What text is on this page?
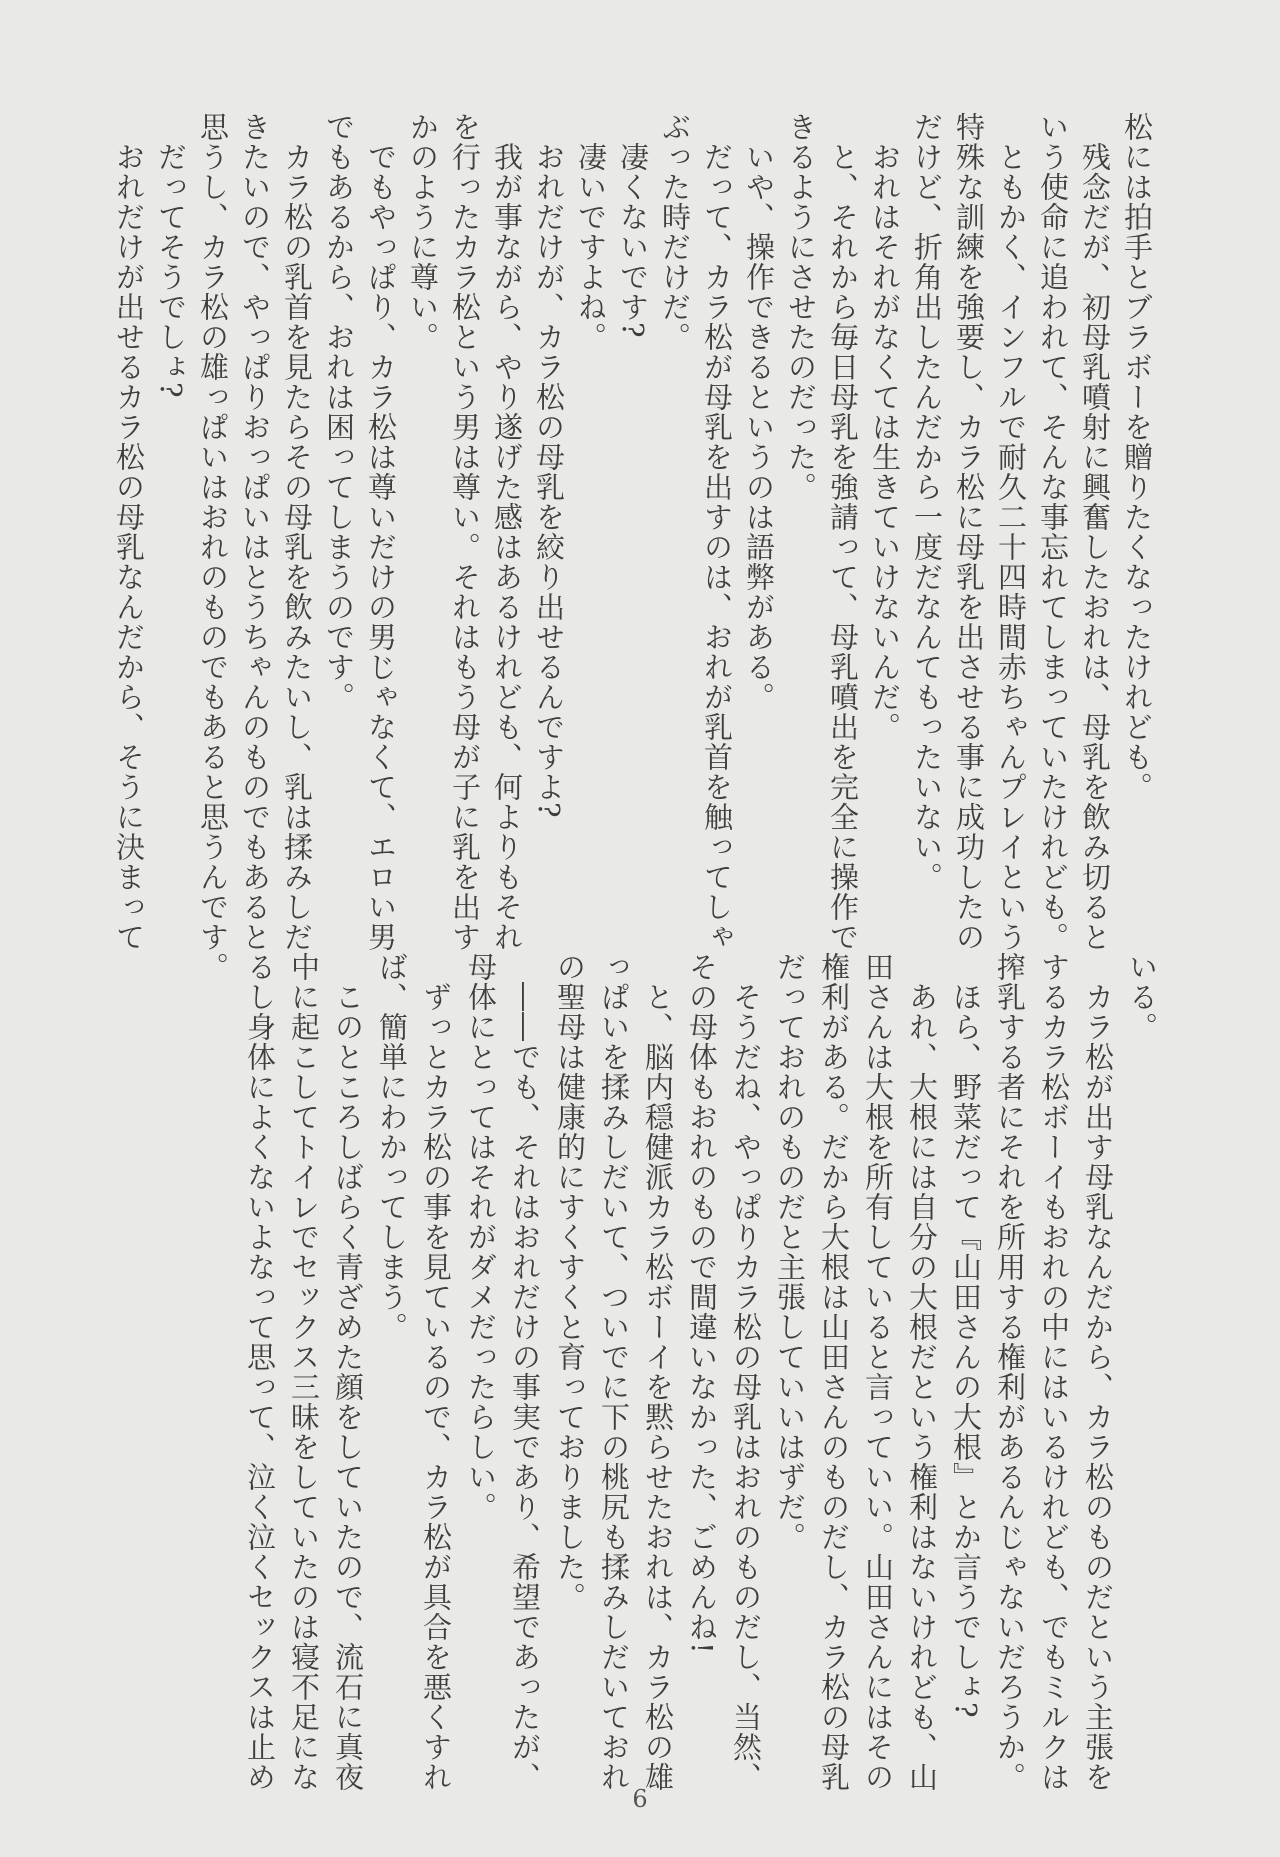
松には拍手とブラボーを贈りたくなったけれども。
　残念だが、初母乳噴射に興奮したおれは、母乳を飲み切ると
いう使命に追われて、そんな事忘れてしまっていたけれども。
　ともかく、インフルで耐久二十四時間赤ちゃんプレイという
特殊な訓練を強要し、カラ松に母乳を出させる事に成功したの
だけど、折角出したんだから一度だなんてもったいない。
　おれはそれがなくては生きていけないんだ。
　と、それから毎日母乳を強請って、母乳噴出を完全に操作で
きるようにさせたのだった。
　いや、操作できるというのは語弊がある。
　だって、カラ松が母乳を出すのは、おれが乳首を触ってしゃ
ぶった時だけだ。
　凄くないです?
　凄いですよね。
　おれだけが、カラ松の母乳を絞り出せるんですよ?
　我が事ながら、やり遂げた感はあるけれども、何よりもそれ
を行ったカラ松という男は尊い。それはもう母が子に乳を出す
かのように尊い。
　でもやっぱり、カラ松は尊いだけの男じゃなくて、エロい男
でもあるから、おれは困ってしまうのです。
　カラ松の乳首を見たらその母乳を飲みたいし、乳は揉みしだ
きたいので、やっぱりおっぱいはとうちゃんのものでもあると
思うし、カラ松の雄っぱいはおれのものでもあると思うんです。
　だってそうでしょ?
　おれだけが出せるカラ松の母乳なんだから、そうに決まって
いる。
　カラ松が出す母乳なんだから、カラ松のものだという主張を
するカラ松ボーイもおれの中にはいるけれども、でもミルクは
搾乳する者にそれを所用する権利があるんじゃないだろうか。
　ほら、野菜だって『山田さんの大根』とか言うでしょ?
　あれ、大根には自分の大根だという権利はないけれども、山
田さんは大根を所有していると言っていい。山田さんにはその
権利がある。だから大根は山田さんのものだし、カラ松の母乳
だっておれのものだと主張していいはずだ。
　そうだね、やっぱりカラ松の母乳はおれのものだし、当然、
その母体もおれのもので間違いなかった、ごめんね!
　と、脳内穏健派カラ松ボーイを黙らせたおれは、カラ松の雄
っぱいを揉みしだいて、ついでに下の桃尻も揉みしだいておれ
の聖母は健康的にすくすくと育っておりました。
　――でも、それはおれだけの事実であり、希望であったが、
母体にとってはそれがダメだったらしい。
　ずっとカラ松の事を見ているので、カラ松が具合を悪くすれ
ば、簡単にわかってしまう。
　このところしばらく青ざめた顔をしていたので、流石に真夜
中に起こしてトイレでセックス三昧をしていたのは寝不足にな
るし身体によくないよなって思って、泣く泣くセックスは止め
6
